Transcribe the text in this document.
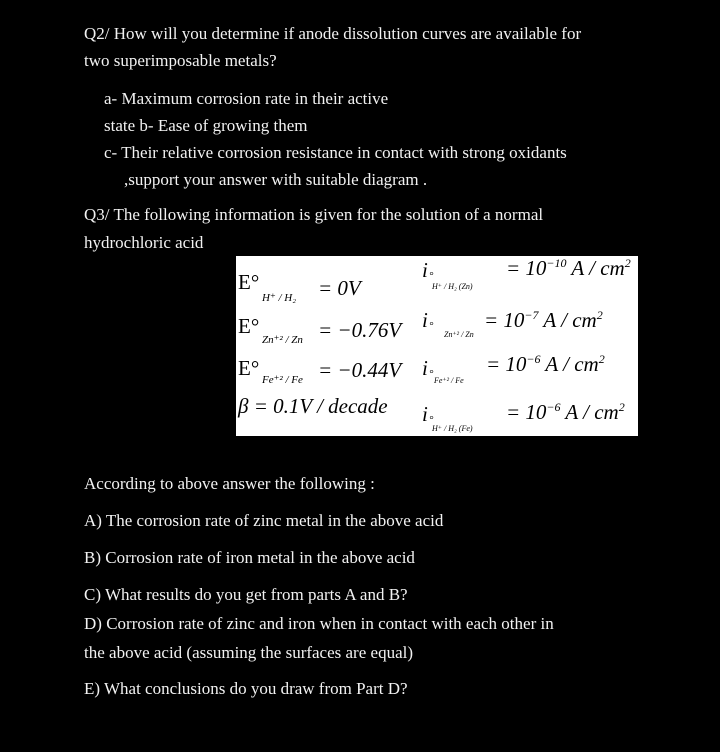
Q2/ How will you determine if anode dissolution curves are available for
two superimposable metals?
a- Maximum corrosion rate in their active
state b- Ease of growing them
c- Their relative corrosion resistance in contact with strong oxidants
,support your answer with suitable diagram .
Q3/ The following information is given for the solution of a normal
hydrochloric acid
E°
H⁺ / H₂ = 0V
i °
H⁺ / H₂ (Zn)
= $10^{-10}$ A / $cm^2$
E°
Zn⁺² / Zn = −0.76V i °
Zn⁺² / Zn
= $10^{-7}$ A / $cm^2$
E° Fe⁺² / Fe = −0.44V i °
Fe⁺² / Fe
= $10^{-6}$ A / $cm^2$
β = 0.1V / decade i °
H⁺ / H₂ (Fe)
= $10^{-6}$ A / $cm^2$
According to above answer the following :
A) The corrosion rate of zinc metal in the above acid
B) Corrosion rate of iron metal in the above acid
C) What results do you get from parts A and B?
D) Corrosion rate of zinc and iron when in contact with each other in
the above acid (assuming the surfaces are equal)
E) What conclusions do you draw from Part D?
